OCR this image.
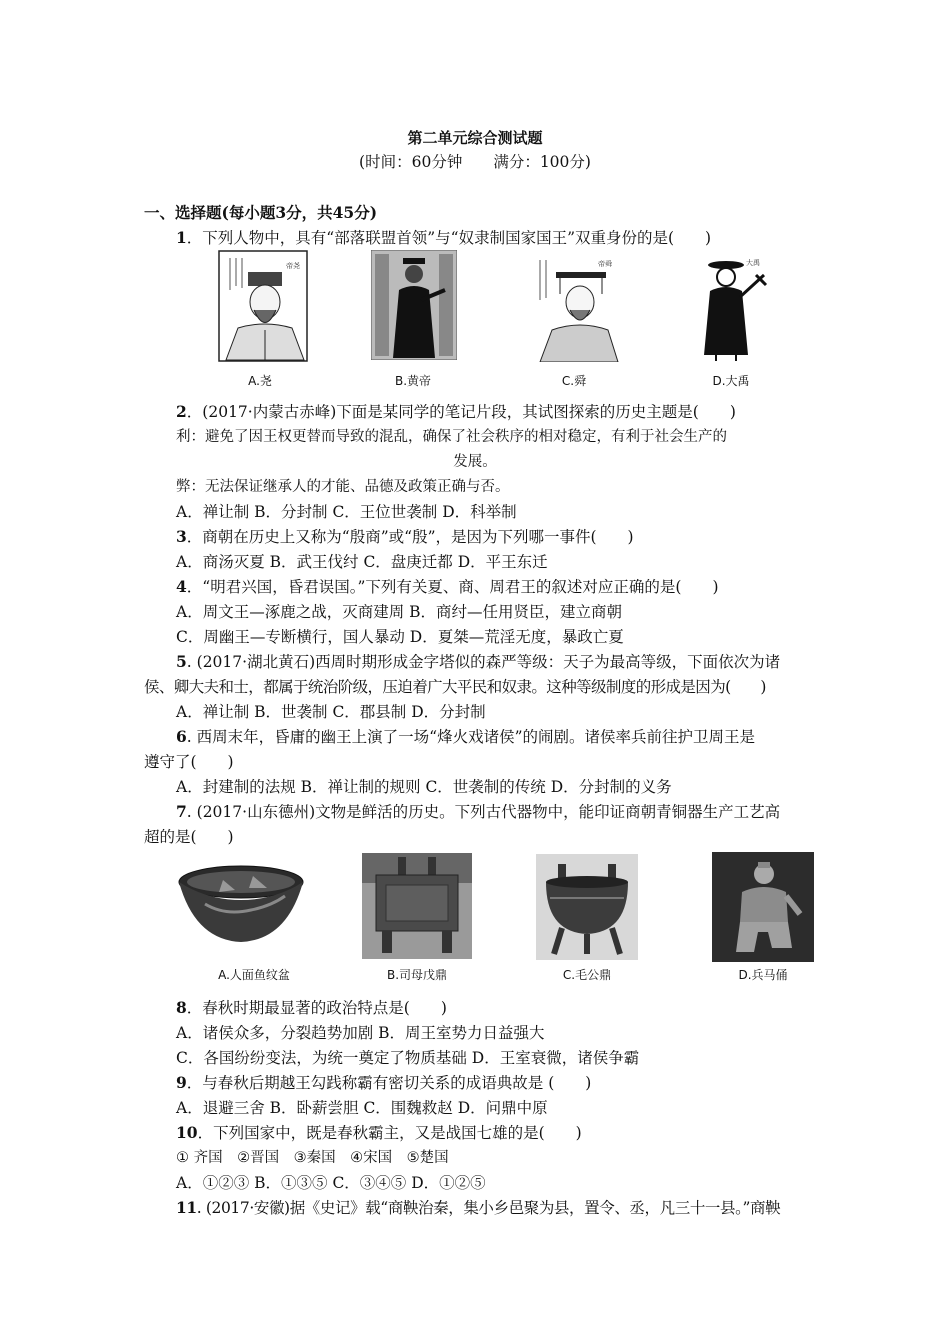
第二单元综合测试题
(时间：60分钟　　满分：100分)
一、选择题(每小题3分，共45分)
1．下列人物中，具有“部落联盟首领”与“奴隶制国家国王”双重身份的是(　　)
帝尧	帝舜	大禹
A.尧	B.黄帝	C.舜	D.大禹
2．(2017·内蒙古赤峰)下面是某同学的笔记片段，其试图探索的历史主题是(　　)
利：避免了因王权更替而导致的混乱，确保了社会秩序的相对稳定，有利于社会生产的
发展。
弊：无法保证继承人的才能、品德及政策正确与否。
A．禅让制 B．分封制 C．王位世袭制 D．科举制
3．商朝在历史上又称为“殷商”或“殷”，是因为下列哪一事件(　　)
A．商汤灭夏 B．武王伐纣 C．盘庚迁都 D．平王东迁
4．“明君兴国，昏君误国。”下列有关夏、商、周君王的叙述对应正确的是(　　)
A．周文王—涿鹿之战，灭商建周 B．商纣—任用贤臣，建立商朝
C．周幽王—专断横行，国人暴动 D．夏桀—荒淫无度，暴政亡夏
5. (2017·湖北黄石)西周时期形成金字塔似的森严等级：天子为最高等级，下面依次为诸
侯、卿大夫和士，都属于统治阶级，压迫着广大平民和奴隶。这种等级制度的形成是因为(　　)
A．禅让制 B．世袭制 C．郡县制 D．分封制
6. 西周末年，昏庸的幽王上演了一场“烽火戏诸侯”的闹剧。诸侯率兵前往护卫周王是
遵守了(　　)
A．封建制的法规 B．禅让制的规则 C．世袭制的传统 D．分封制的义务
7. (2017·山东德州)文物是鲜活的历史。下列古代器物中，能印证商朝青铜器生产工艺高
超的是(　　)
A.人面鱼纹盆	B.司母戊鼎	C.毛公鼎	D.兵马俑
8．春秋时期最显著的政治特点是(　　)
A．诸侯众多，分裂趋势加剧 B．周王室势力日益强大
C．各国纷纷变法，为统一奠定了物质基础 D．王室衰微，诸侯争霸
9．与春秋后期越王勾践称霸有密切关系的成语典故是 (　　)
A．退避三舍 B．卧薪尝胆 C．围魏救赵 D．问鼎中原
10．下列国家中，既是春秋霸主，又是战国七雄的是(　　)
① 齐国　②晋国　③秦国　④宋国　⑤楚国
A．①②③ B．①③⑤ C．③④⑤ D．①②⑤
11. (2017·安徽)据《史记》载“商鞅治秦，集小乡邑聚为县，置令、丞，凡三十一县。”商鞅
